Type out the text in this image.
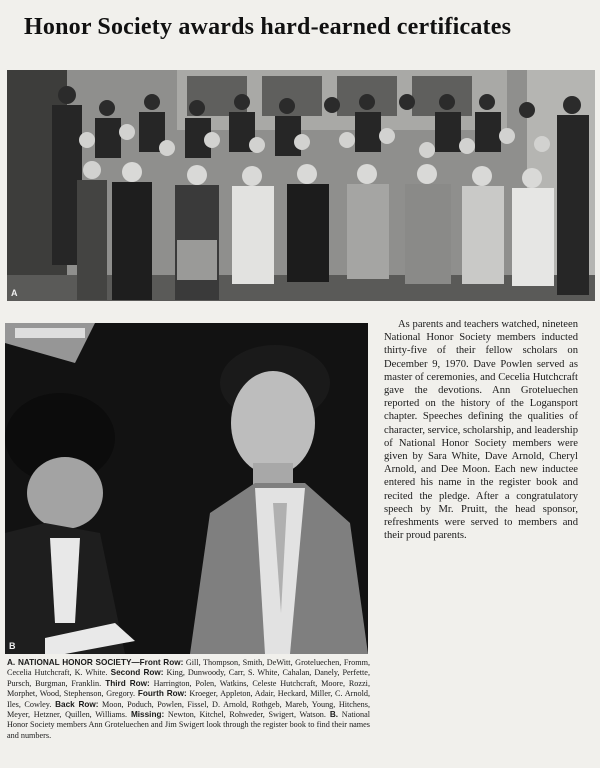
Honor Society awards hard-earned certificates
A
B

As parents and teachers watched, nineteen National Honor Society members inducted thirty-five of their fellow scholars on December 9, 1970. Dave Powlen served as master of ceremonies, and Cecelia Hutchcraft gave the devotions. Ann Groteluechen reported on the history of the Logansport chapter. Speeches defining the qualities of character, service, scholarship, and leadership of National Honor Society members were given by Sara White, Dave Arnold, Cheryl Arnold, and Dee Moon. Each new inductee entered his name in the register book and recited the pledge. After a congratulatory speech by Mr. Pruitt, the head sponsor, refreshments were served to members and their proud parents.

A. NATIONAL HONOR SOCIETY—Front Row: Gill, Thompson, Smith, DeWitt, Groteluechen, Fromm, Cecelia Hutchcraft, K. White. Second Row: King, Dunwoody, Carr, S. White, Cahalan, Danely, Perfette, Pursch, Burgman, Franklin. Third Row: Harrington, Polen, Watkins, Celeste Hutchcraft, Moore, Rozzi, Morphet, Wood, Stephenson, Gregory. Fourth Row: Kroeger, Appleton, Adair, Heckard, Miller, C. Arnold, Iles, Cowley. Back Row: Moon, Poduch, Powlen, Fissel, D. Arnold, Rothgeb, Mareb, Young, Hitchens, Meyer, Hetzner, Quillen, Williams. Missing: Newton, Kitchel, Rohweder, Swigert, Watson. B. National Honor Society members Ann Groteluechen and Jim Swigert look through the register book to find their names and numbers.
